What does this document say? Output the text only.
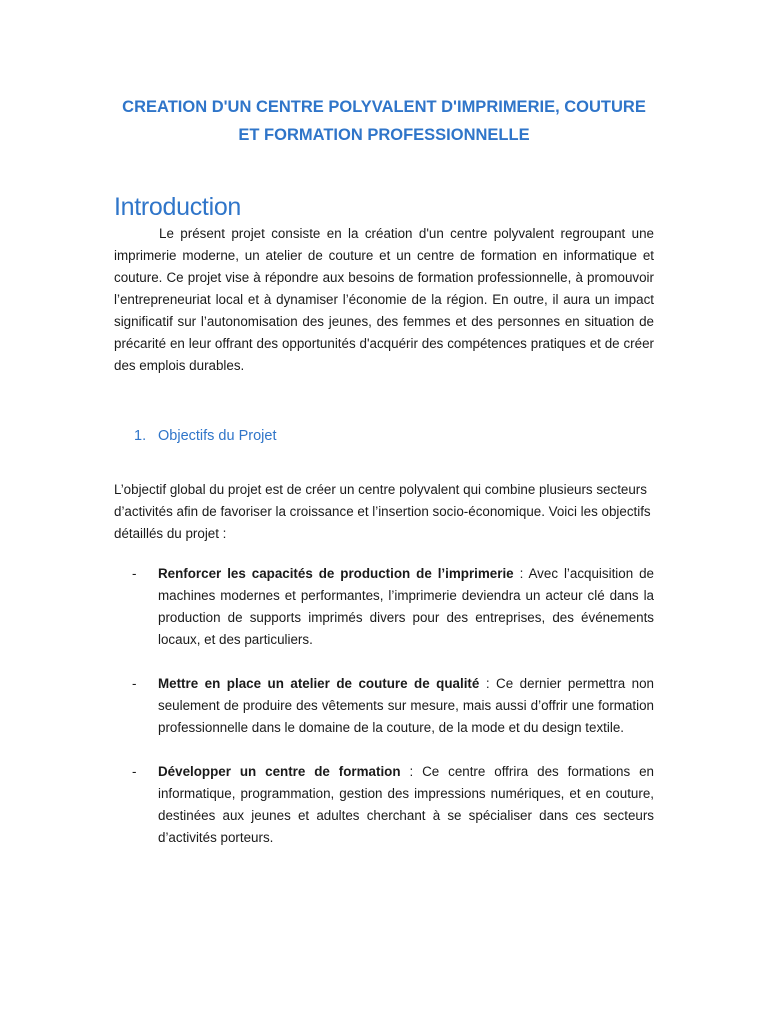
CREATION D'UN CENTRE POLYVALENT D'IMPRIMERIE, COUTURE
ET FORMATION PROFESSIONNELLE
Introduction

Le présent projet consiste en la création d'un centre polyvalent regroupant une imprimerie moderne, un atelier de couture et un centre de formation en informatique et couture. Ce projet vise à répondre aux besoins de formation professionnelle, à promouvoir l’entrepreneuriat local et à dynamiser l’économie de la région. En outre, il aura un impact significatif sur l’autonomisation des jeunes, des femmes et des personnes en situation de précarité en leur offrant des opportunités d'acquérir des compétences pratiques et de créer des emplois durables.

1. Objectifs du Projet

L’objectif global du projet est de créer un centre polyvalent qui combine plusieurs secteurs d’activités afin de favoriser la croissance et l’insertion socio-économique. Voici les objectifs détaillés du projet :

- Renforcer les capacités de production de l’imprimerie : Avec l’acquisition de machines modernes et performantes, l’imprimerie deviendra un acteur clé dans la production de supports imprimés divers pour des entreprises, des événements locaux, et des particuliers.

- Mettre en place un atelier de couture de qualité : Ce dernier permettra non seulement de produire des vêtements sur mesure, mais aussi d’offrir une formation professionnelle dans le domaine de la couture, de la mode et du design textile.

- Développer un centre de formation : Ce centre offrira des formations en informatique, programmation, gestion des impressions numériques, et en couture, destinées aux jeunes et adultes cherchant à se spécialiser dans ces secteurs d’activités porteurs.
